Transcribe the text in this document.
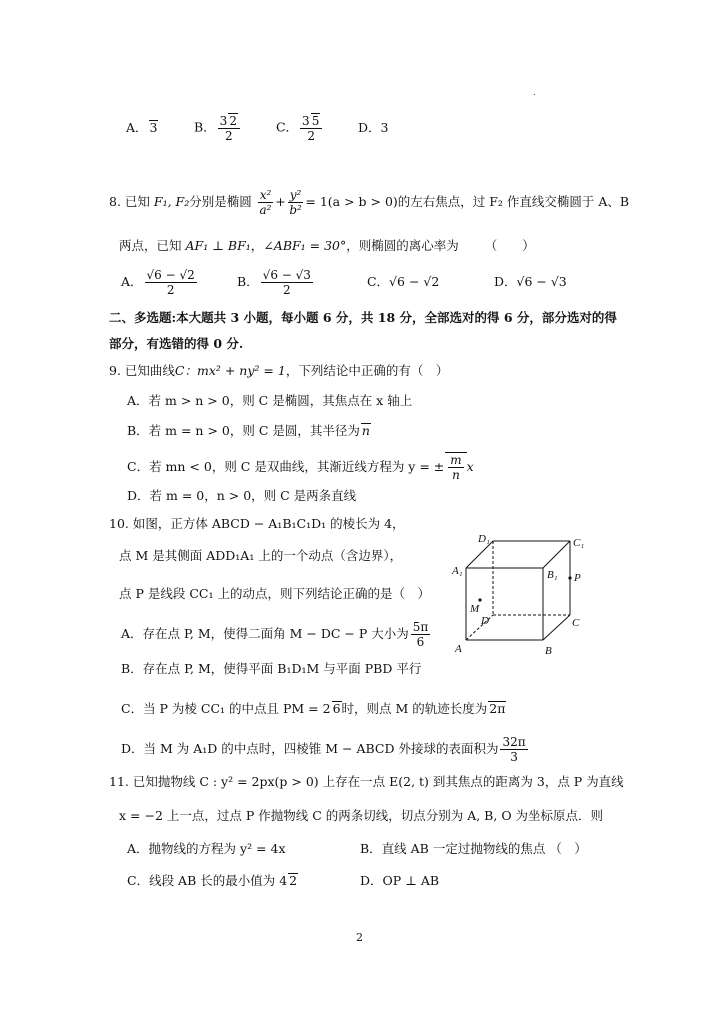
.
A． 3	B． $\frac{3 2}{2}$	C． $\frac{3 5}{2}$	D．3
8. 已知 F₁, F₂分别是椭圆 $\frac{\text{x²}}{\text{a²}} + \frac{\text{y²}}{\text{b²}} = 1(a > b > 0)$的左右焦点，过 F₂ 作直线交椭圆于 A、B
两点，已知 AF₁ ⊥ BF₁，∠ABF₁ = 30°，则椭圆的离心率为 （　　）
A． $\frac{√6 - √2}{2}$	B． $\frac{√6 - √3}{2}$	C．√6 − √2	D．√6 − √3
二、多选题:本大题共 3 小题，每小题 6 分，共 18 分，全部选对的得 6 分，部分选对的得
部分，有选错的得 0 分.
9. 已知曲线C：mx² + ny² = 1，下列结论中正确的有（　）
A．若 m > n > 0，则 C 是椭圆，其焦点在 x 轴上
B．若 m = n > 0，则 C 是圆，其半径为 n
C．若 mn < 0，则 C 是双曲线，其渐近线方程为 y = ± $\frac{m}{n}$ x
D．若 m = 0，n > 0，则 C 是两条直线
10. 如图，正方体 ABCD − A₁B₁C₁D₁ 的棱长为 4，
点 M 是其侧面 ADD₁A₁ 上的一个动点（含边界），
点 P 是线段 CC₁ 上的动点，则下列结论正确的是（　）
A．存在点 P, M，使得二面角 M − DC − P 大小为 $\frac{5\pi}{6}$
B．存在点 P, M，使得平面 B₁D₁M 与平面 PBD 平行
C．当 P 为棱 CC₁ 的中点且 PM = 2 6时，则点 M 的轨迹长度为 2π
D．当 M 为 A₁D 的中点时，四棱锥 M − ABCD 外接球的表面积为 $\frac{32\pi}{3}$
D₁	C₁
A₁	B₁ P
M
D	C
A	B
11. 已知抛物线 C : y² = 2px(p > 0) 上存在一点 E(2, t) 到其焦点的距离为 3，点 P 为直线
x = −2 上一点，过点 P 作抛物线 C 的两条切线，切点分别为 A, B, O 为坐标原点．则
A．抛物线的方程为 y² = 4x	B．直线 AB 一定过抛物线的焦点 （　）
C．线段 AB 长的最小值为 4 2	D．OP ⊥ AB
2
